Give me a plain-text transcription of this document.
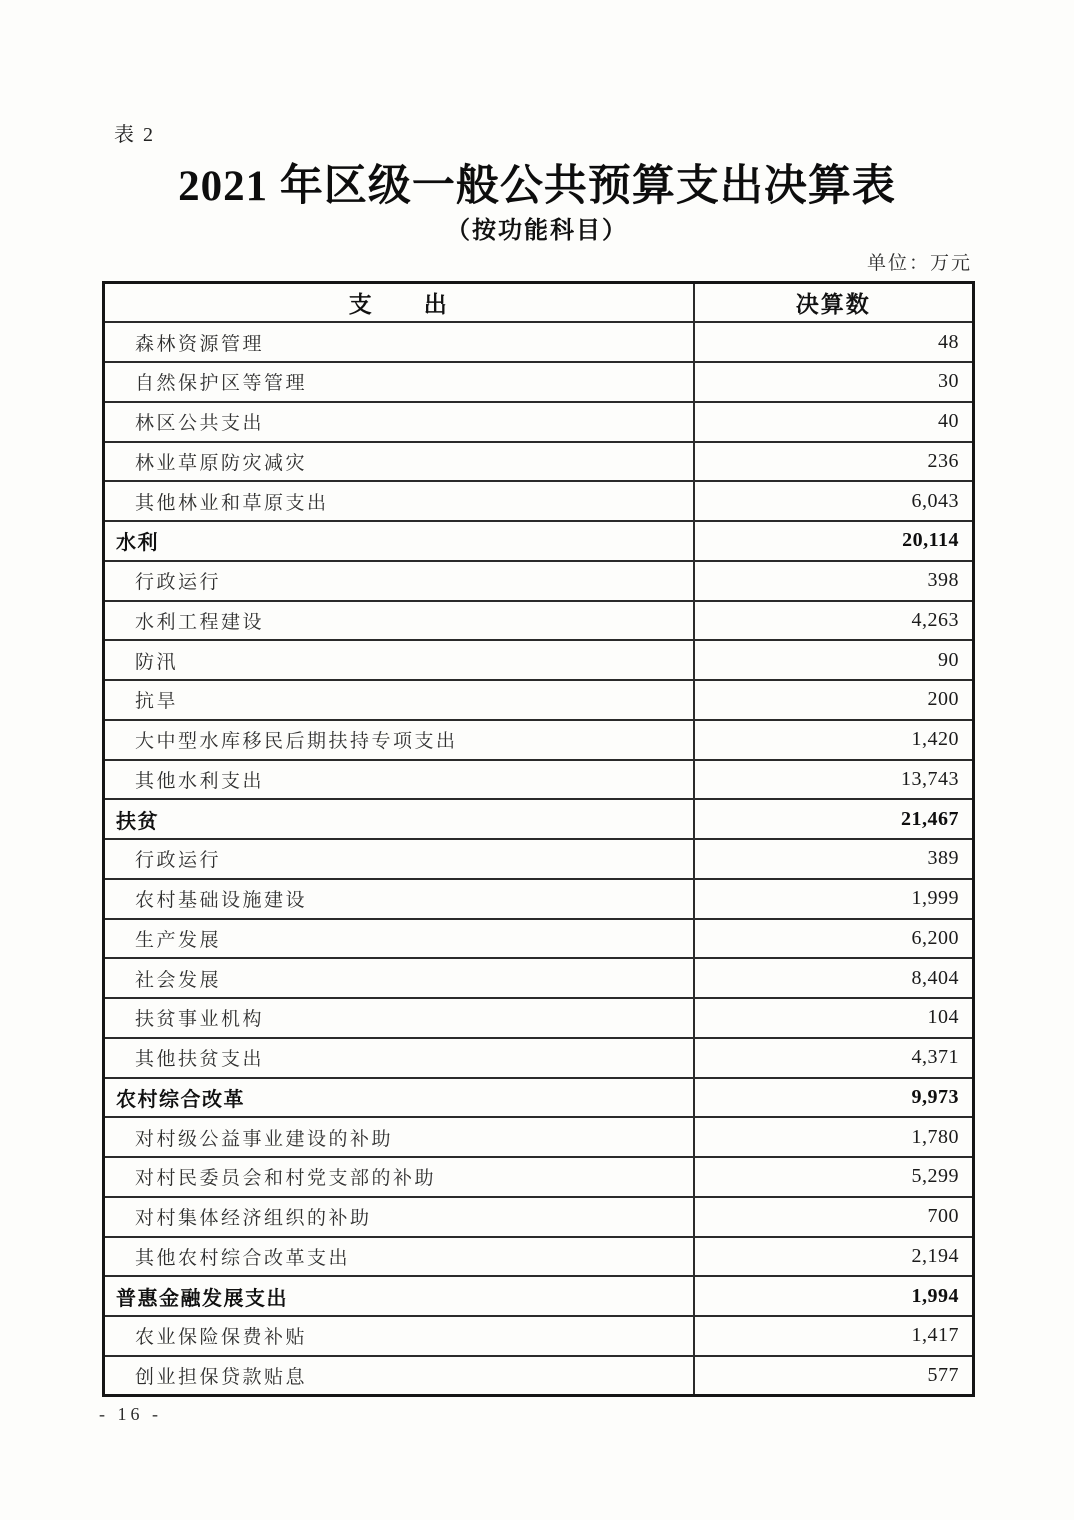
表 2
2021 年区级一般公共预算支出决算表
（按功能科目）
单位：万元
支　　出	决算数
森林资源管理	48
自然保护区等管理	30
林区公共支出	40
林业草原防灾减灾	236
其他林业和草原支出	6,043
水利	20,114
行政运行	398
水利工程建设	4,263
防汛	90
抗旱	200
大中型水库移民后期扶持专项支出	1,420
其他水利支出	13,743
扶贫	21,467
行政运行	389
农村基础设施建设	1,999
生产发展	6,200
社会发展	8,404
扶贫事业机构	104
其他扶贫支出	4,371
农村综合改革	9,973
对村级公益事业建设的补助	1,780
对村民委员会和村党支部的补助	5,299
对村集体经济组织的补助	700
其他农村综合改革支出	2,194
普惠金融发展支出	1,994
农业保险保费补贴	1,417
创业担保贷款贴息	577
- 16 -
